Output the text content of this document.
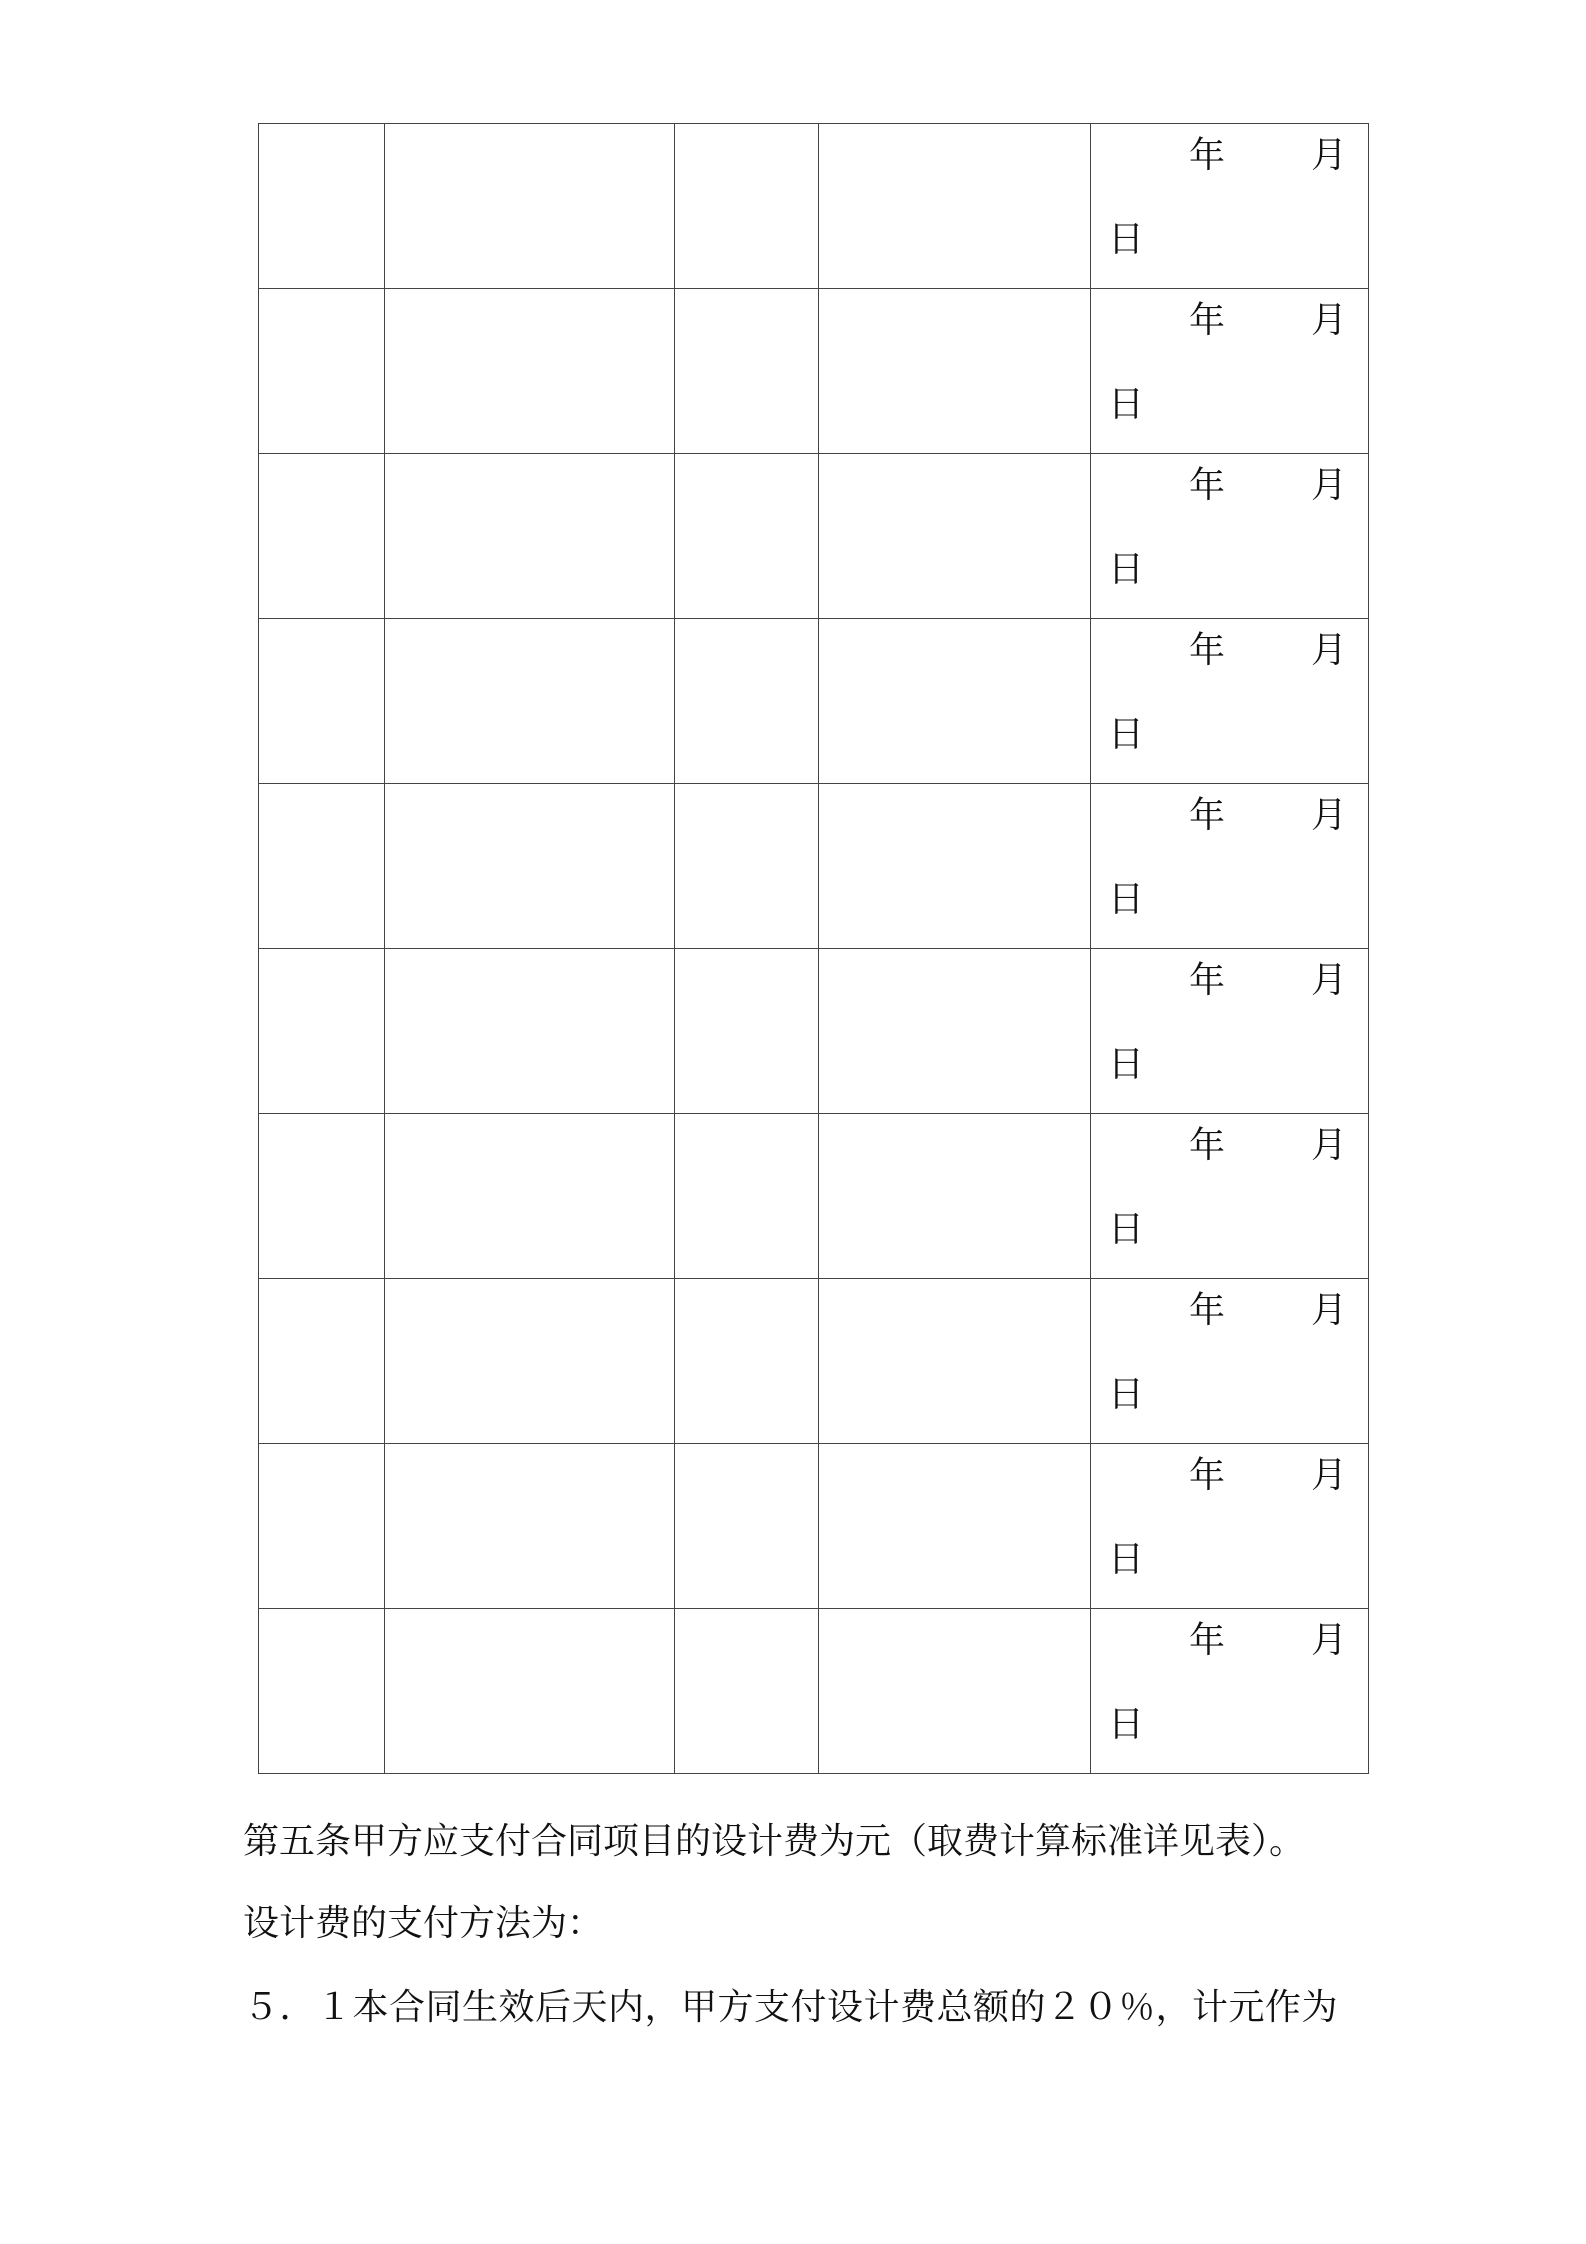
				年 月
日

				年 月
日

				年 月
日

				年 月
日

				年 月
日

				年 月
日

				年 月
日

				年 月
日

				年 月
日

				年 月
日
第五条甲方应支付合同项目的设计费为元（取费计算标准详见表）。
设计费的支付方法为：
５．１本合同生效后天内，甲方支付设计费总额的２０％，计元作为
